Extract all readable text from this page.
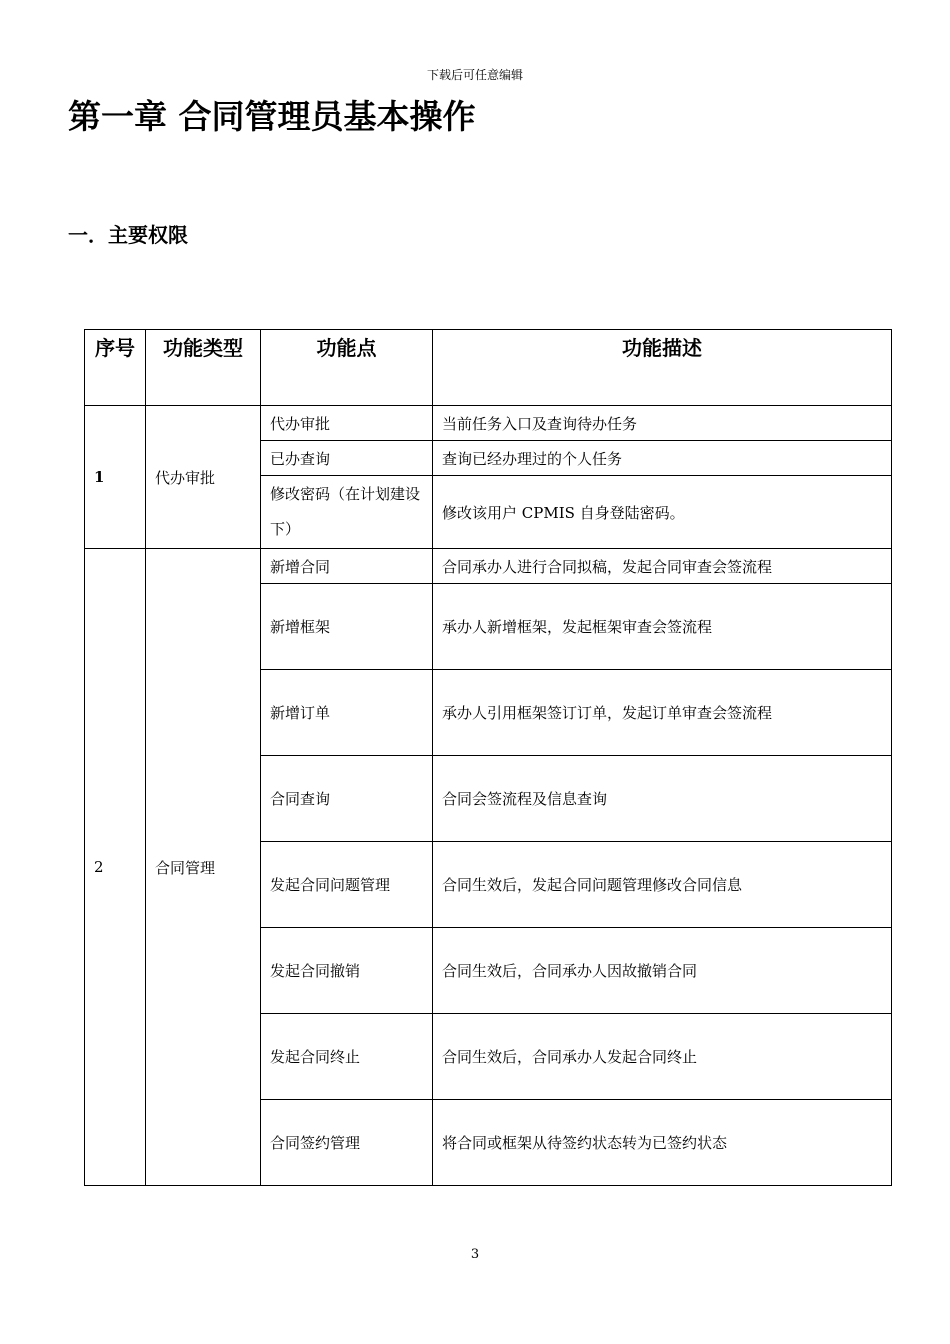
下载后可任意编辑
第一章 合同管理员基本操作
一．主要权限
序号	功能类型	功能点	功能描述
1	代办审批	代办审批	当前任务入口及查询待办任务
		已办查询	查询已经办理过的个人任务
		修改密码（在计划建设下）	修改该用户 CPMIS 自身登陆密码。
2	合同管理	新增合同	合同承办人进行合同拟稿，发起合同审查会签流程
		新增框架	承办人新增框架，发起框架审查会签流程
		新增订单	承办人引用框架签订订单，发起订单审查会签流程
		合同查询	合同会签流程及信息查询
		发起合同问题管理	合同生效后，发起合同问题管理修改合同信息
		发起合同撤销	合同生效后，合同承办人因故撤销合同
		发起合同终止	合同生效后，合同承办人发起合同终止
		合同签约管理	将合同或框架从待签约状态转为已签约状态
3
